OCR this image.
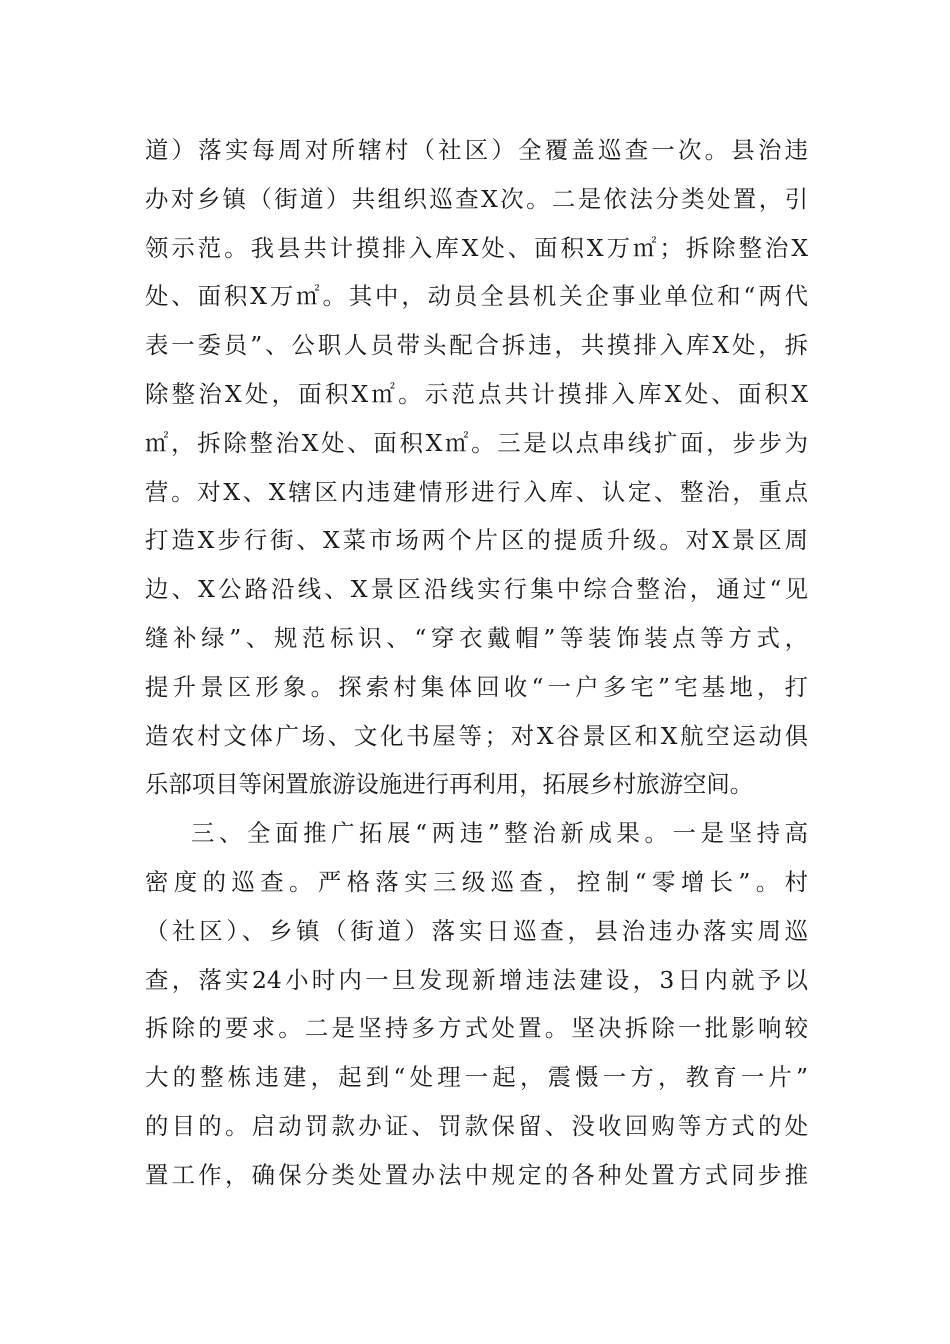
道）落实每周对所辖村（社区）全覆盖巡查一次。县治违
办对乡镇（街道）共组织巡查X次。二是依法分类处置，引
领示范。我县共计摸排入库X处、面积X万㎡；拆除整治X
处、面积X万㎡。其中，动员全县机关企事业单位和“两代
表一委员”、公职人员带头配合拆违，共摸排入库X处，拆
除整治X处，面积X㎡。示范点共计摸排入库X处、面积X
㎡，拆除整治X处、面积X㎡。三是以点串线扩面，步步为
营。对X、X辖区内违建情形进行入库、认定、整治，重点
打造X步行街、X菜市场两个片区的提质升级。对X景区周
边、X公路沿线、X景区沿线实行集中综合整治，通过“见
缝补绿”、规范标识、“穿衣戴帽”等装饰装点等方式，
提升景区形象。探索村集体回收“一户多宅”宅基地，打
造农村文体广场、文化书屋等；对X谷景区和X航空运动俱
乐部项目等闲置旅游设施进行再利用，拓展乡村旅游空间。
三、全面推广拓展“两违”整治新成果。一是坚持高
密度的巡查。严格落实三级巡查，控制“零增长”。村
（社区）、乡镇（街道）落实日巡查，县治违办落实周巡
查，落实24小时内一旦发现新增违法建设，3日内就予以
拆除的要求。二是坚持多方式处置。坚决拆除一批影响较
大的整栋违建，起到“处理一起，震慑一方，教育一片”
的目的。启动罚款办证、罚款保留、没收回购等方式的处
置工作，确保分类处置办法中规定的各种处置方式同步推
